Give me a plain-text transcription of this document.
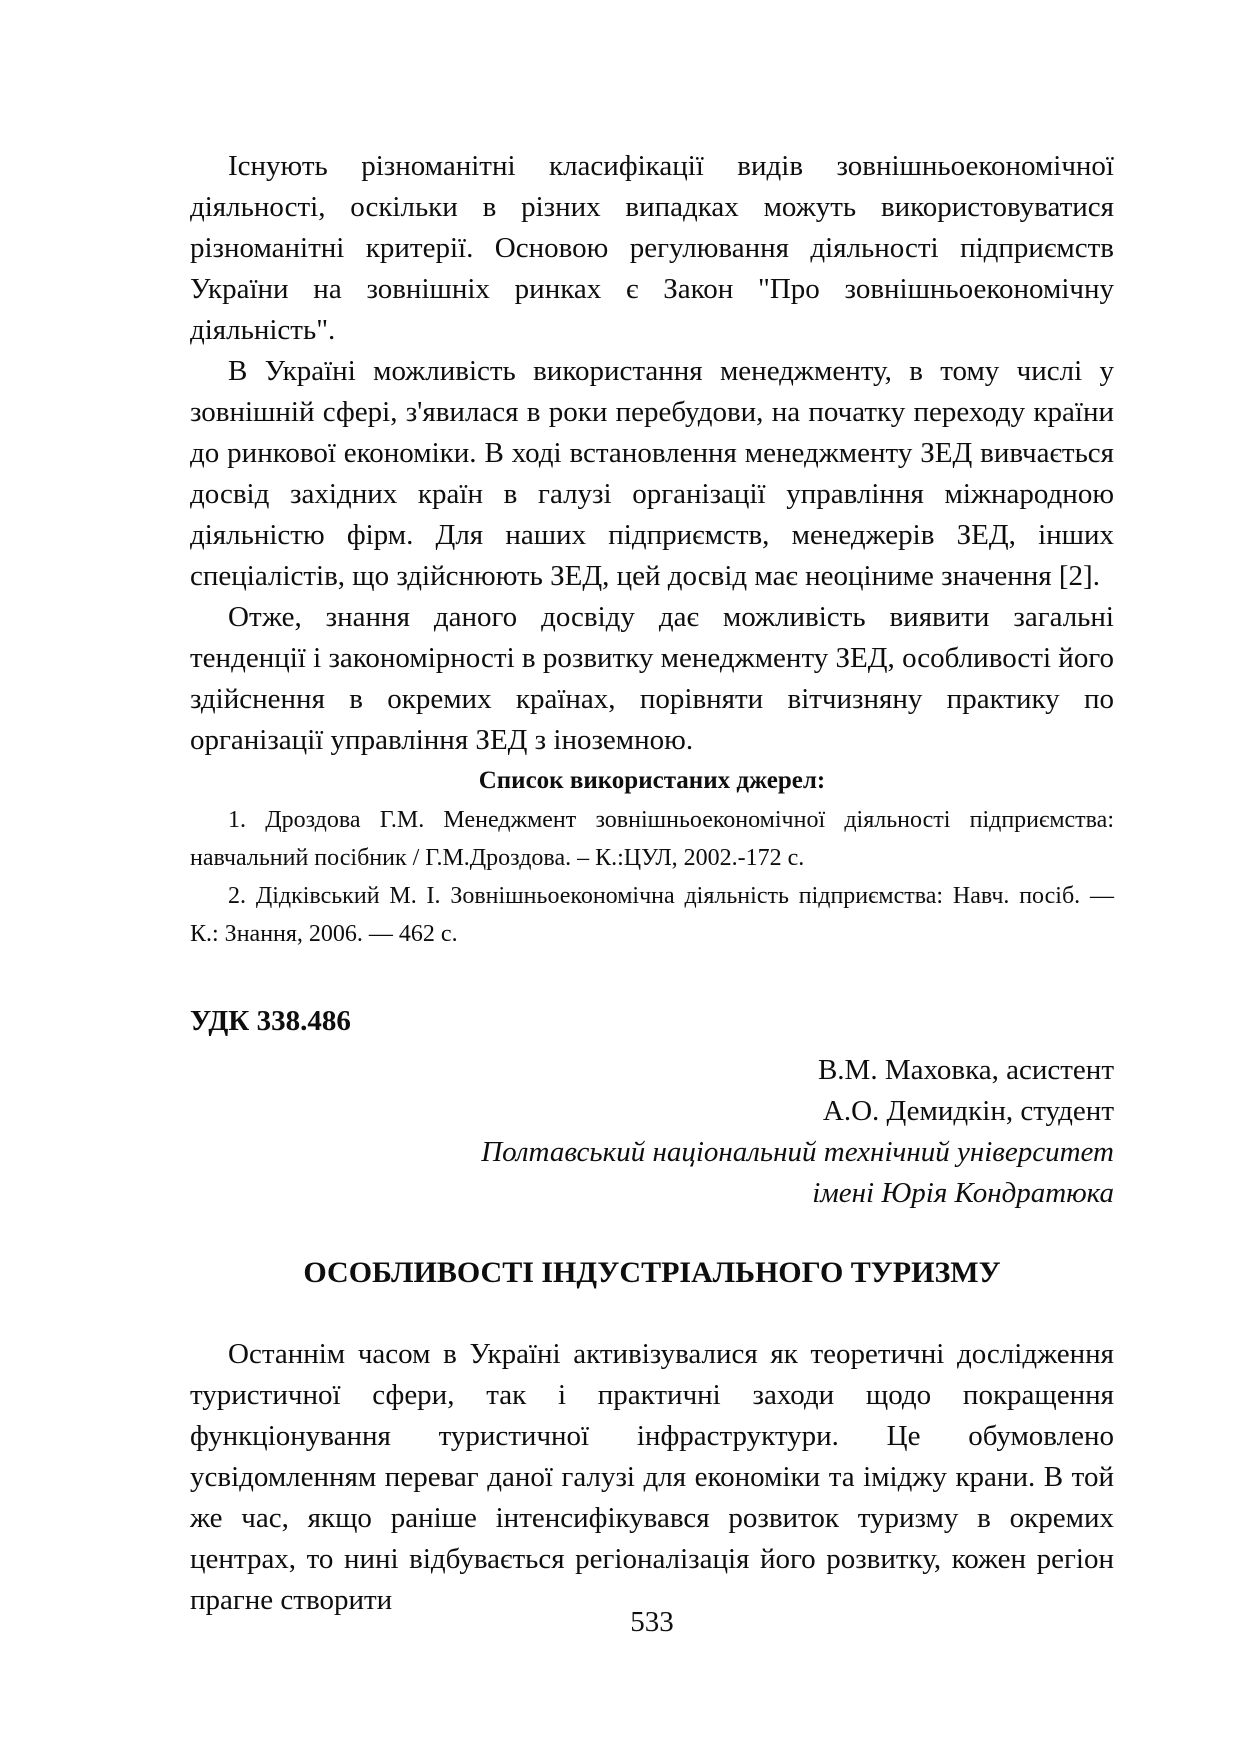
Існують різноманітні класифікації видів зовнішньоекономічної діяльності, оскільки в різних випадках можуть використовуватися різноманітні критерії. Основою регулювання діяльності підприємств України на зовнішніх ринках є Закон "Про зовнішньоекономічну діяльність".

В Україні можливість використання менеджменту, в тому числі у зовнішній сфері, з'явилася в роки перебудови, на початку переходу країни до ринкової економіки. В ході встановлення менеджменту ЗЕД вивчається досвід західних країн в галузі організації управління міжнародною діяльністю фірм. Для наших підприємств, менеджерів ЗЕД, інших спеціалістів, що здійснюють ЗЕД, цей досвід має неоціниме значення [2].

Отже, знання даного досвіду дає можливість виявити загальні тенденції і закономірності в розвитку менеджменту ЗЕД, особливості його здійснення в окремих країнах, порівняти вітчизняну практику по організації управління ЗЕД з іноземною.

Список використаних джерел:

1. Дроздова Г.М. Менеджмент зовнішньоекономічної діяльності підприємства: навчальний посібник / Г.М.Дроздова. – К.:ЦУЛ, 2002.-172 с.

2. Дідківський М. І. Зовнішньоекономічна діяльність підприємства: Навч. посіб. — К.: Знання, 2006. — 462 с.

УДК 338.486

В.М. Маховка, асистент

А.О. Демидкін, студент

Полтавський національний технічний університет

імені Юрія Кондратюка

ОСОБЛИВОСТІ ІНДУСТРІАЛЬНОГО ТУРИЗМУ

Останнім часом в Україні активізувалися як теоретичні дослідження туристичної сфери, так і практичні заходи щодо покращення функціонування туристичної інфраструктури. Це обумовлено усвідомленням переваг даної галузі для економіки та іміджу крани. В той же час, якщо раніше інтенсифікувався розвиток туризму в окремих центрах, то нині відбувається регіоналізація його розвитку, кожен регіон прагне створити

533
